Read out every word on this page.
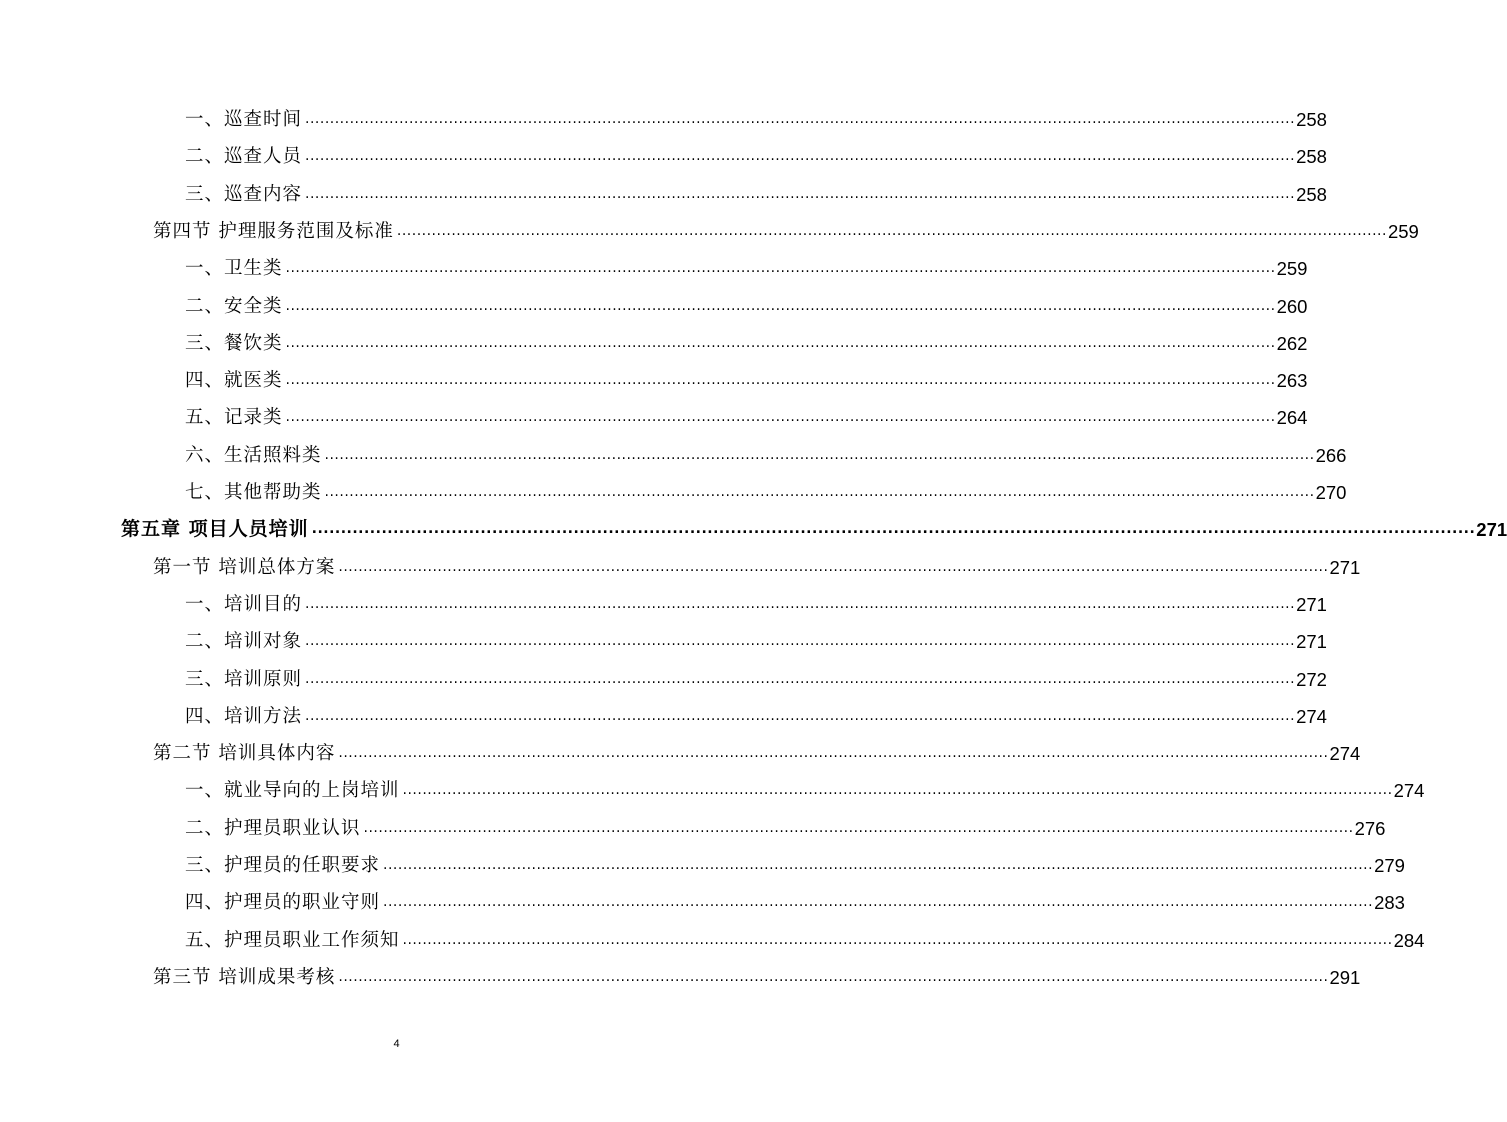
一、巡查时间 ........................................................................................................................................................................................................ 258
二、巡查人员 ........................................................................................................................................................................................................ 258
三、巡查内容 ........................................................................................................................................................................................................ 258
第四节 护理服务范围及标准 ........................................................................................................................................................................................................ 259
一、卫生类 ........................................................................................................................................................................................................ 259
二、安全类 ........................................................................................................................................................................................................ 260
三、餐饮类 ........................................................................................................................................................................................................ 262
四、就医类 ........................................................................................................................................................................................................ 263
五、记录类 ........................................................................................................................................................................................................ 264
六、生活照料类 ........................................................................................................................................................................................................ 266
七、其他帮助类 ........................................................................................................................................................................................................ 270
第五章 项目人员培训 ........................................................................................................................................................................................................ 271
第一节 培训总体方案 ........................................................................................................................................................................................................ 271
一、培训目的 ........................................................................................................................................................................................................ 271
二、培训对象 ........................................................................................................................................................................................................ 271
三、培训原则 ........................................................................................................................................................................................................ 272
四、培训方法 ........................................................................................................................................................................................................ 274
第二节 培训具体内容 ........................................................................................................................................................................................................ 274
一、就业导向的上岗培训 ........................................................................................................................................................................................................ 274
二、护理员职业认识 ........................................................................................................................................................................................................ 276
三、护理员的任职要求 ........................................................................................................................................................................................................ 279
四、护理员的职业守则 ........................................................................................................................................................................................................ 283
五、护理员职业工作须知 ........................................................................................................................................................................................................ 284
第三节 培训成果考核 ........................................................................................................................................................................................................ 291
4
